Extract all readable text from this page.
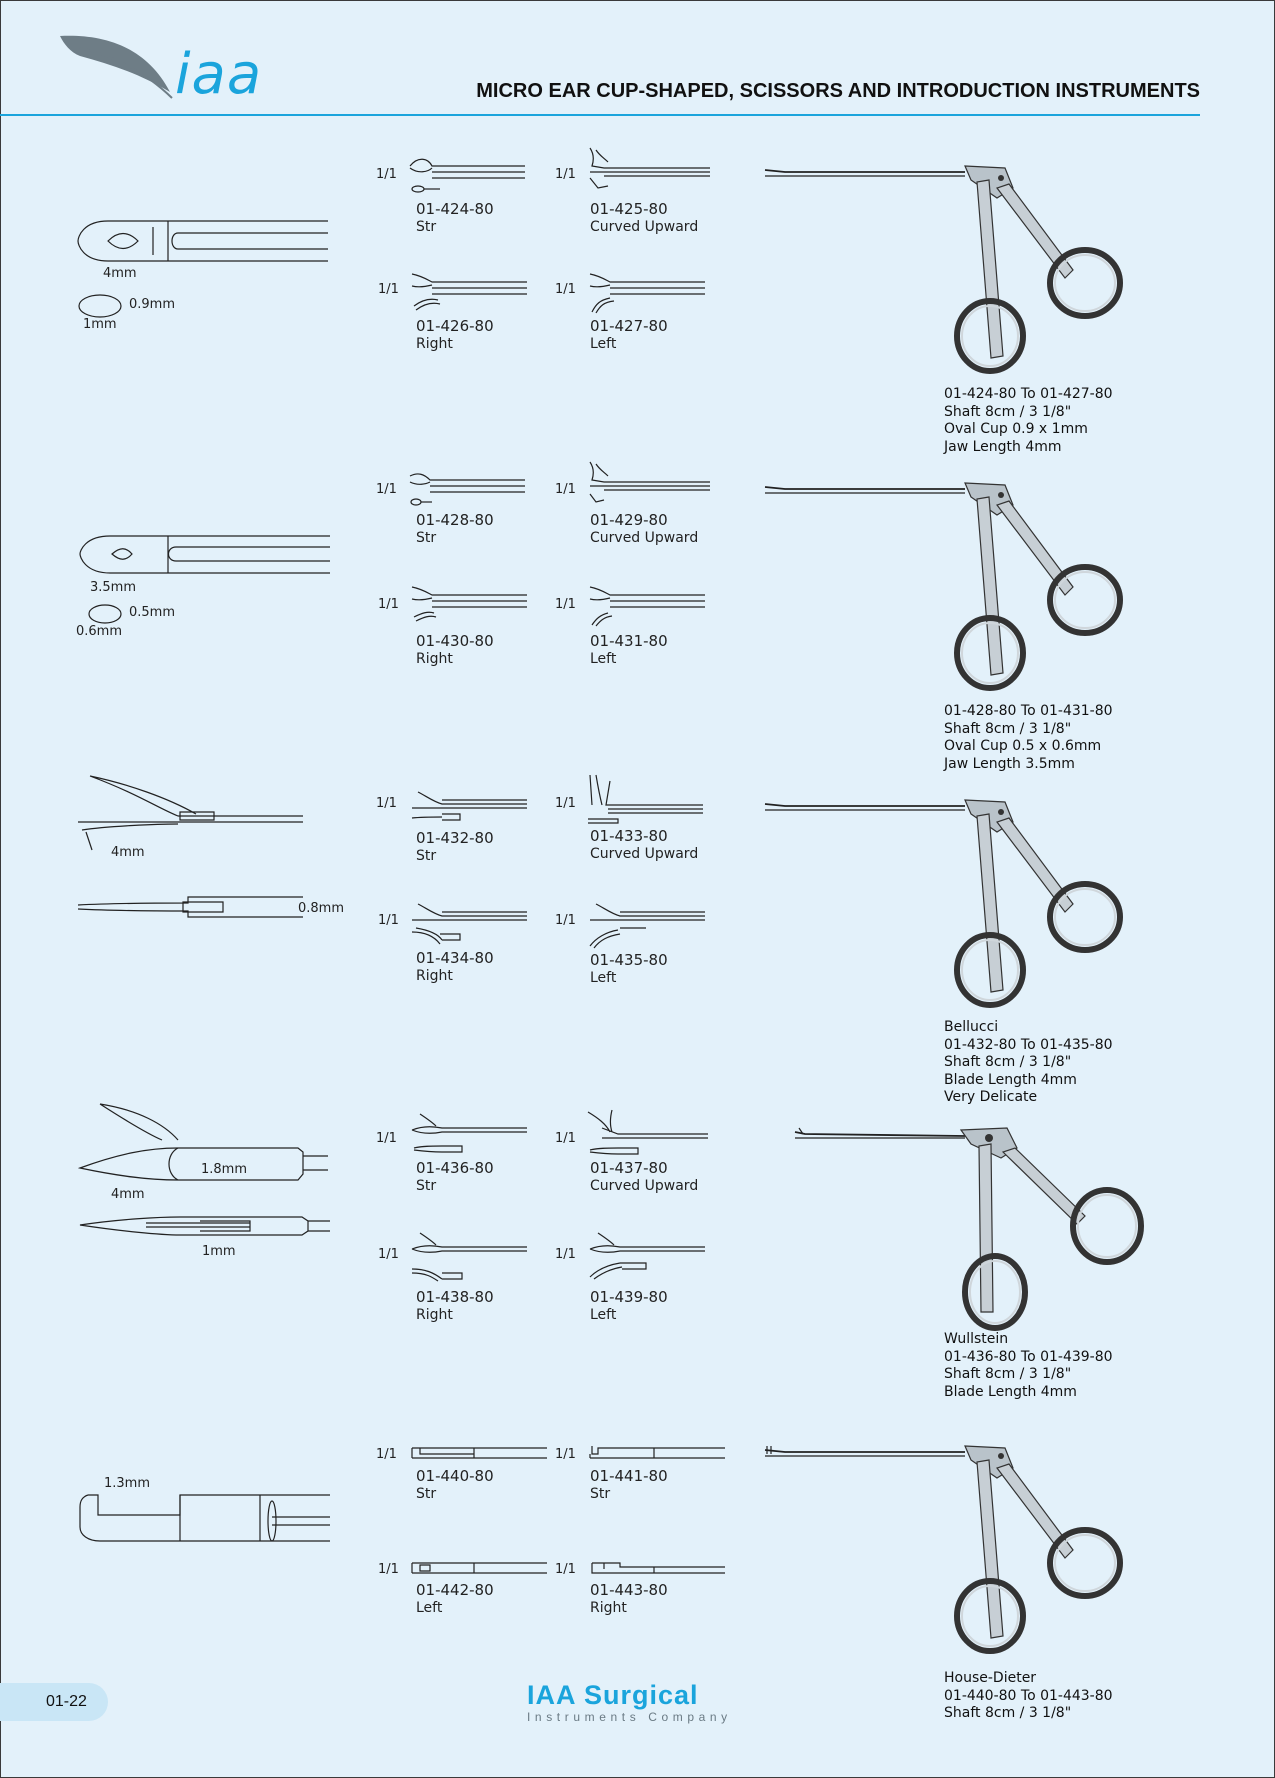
iaa	MICRO EAR CUP-SHAPED, SCISSORS AND INTRODUCTION INSTRUMENTS
4mm
0.9mm
1mm
1/1
01-424-80
Str
1/1
01-425-80
Curved Upward
1/1
01-426-80
Right
1/1
01-427-80
Left
01-424-80 To 01-427-80
Shaft 8cm / 3 1/8"
Oval Cup 0.9 x 1mm
Jaw Length 4mm
3.5mm
0.5mm
0.6mm
1/1
01-428-80
Str
1/1
01-429-80
Curved Upward
1/1
01-430-80
Right
1/1
01-431-80
Left
01-428-80 To 01-431-80
Shaft 8cm / 3 1/8"
Oval Cup 0.5 x 0.6mm
Jaw Length 3.5mm
4mm
0.8mm
1/1
01-432-80
Str
1/1
01-433-80
Curved Upward
1/1
01-434-80
Right
1/1
01-435-80
Left
Bellucci
01-432-80 To 01-435-80
Shaft 8cm / 3 1/8"
Blade Length 4mm
Very Delicate
1.8mm
4mm
1mm
1/1
01-436-80
Str
1/1
01-437-80
Curved Upward
1/1
01-438-80
Right
1/1
01-439-80
Left
Wullstein
01-436-80 To 01-439-80
Shaft 8cm / 3 1/8"
Blade Length 4mm
1.3mm
1/1
01-440-80
Str
1/1
01-441-80
Str
1/1
01-442-80
Left
1/1
01-443-80
Right
House-Dieter
01-440-80 To 01-443-80
Shaft 8cm / 3 1/8"
01-22	IAA Surgical
Instruments Company
